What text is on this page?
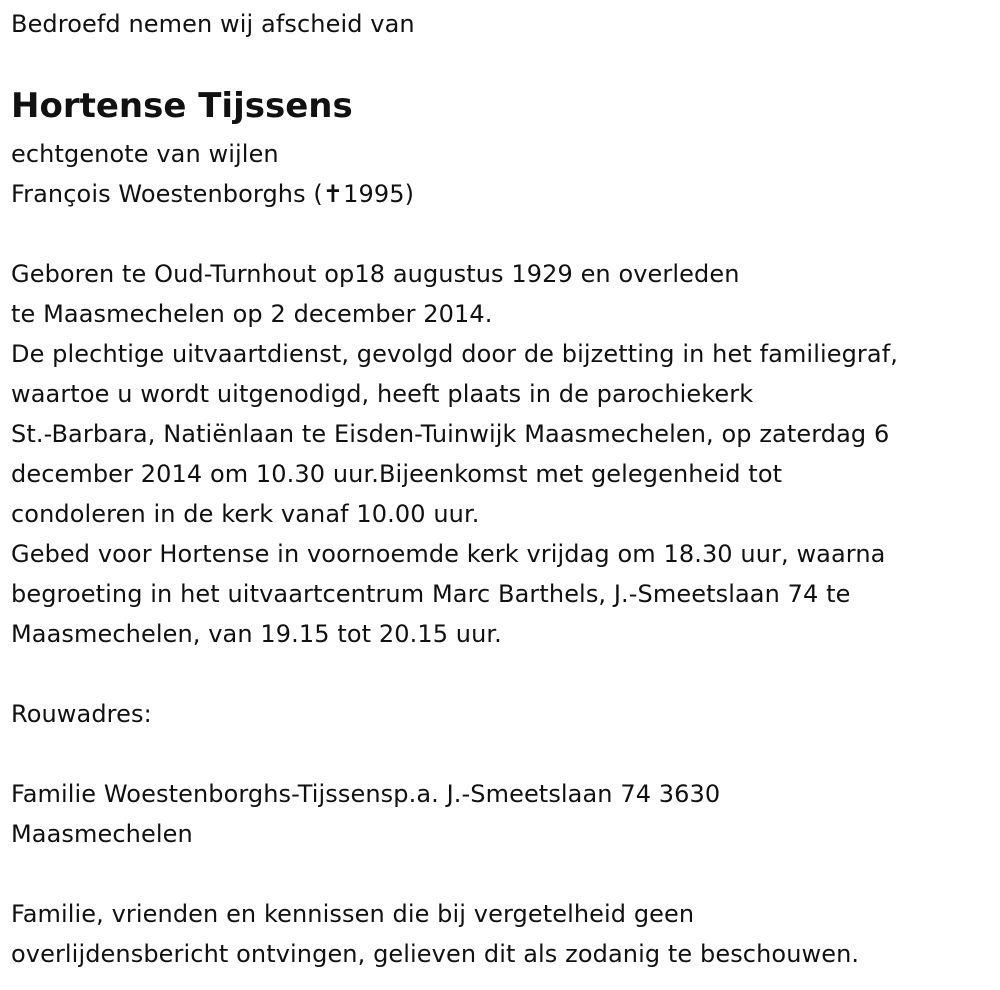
Bedroefd nemen wij afscheid van

Hortense Tijssens

echtgenote van wijlen

François Woestenborghs (✝1995)

Geboren te Oud-Turnhout op18 augustus 1929 en overleden

te Maasmechelen op 2 december 2014.

De plechtige uitvaartdienst, gevolgd door de bijzetting in het familiegraf,

waartoe u wordt uitgenodigd, heeft plaats in de parochiekerk

St.-Barbara, Natiënlaan te Eisden-Tuinwijk Maasmechelen, op zaterdag 6

december 2014 om 10.30 uur.Bijeenkomst met gelegenheid tot

condoleren in de kerk vanaf 10.00 uur.

Gebed voor Hortense in voornoemde kerk vrijdag om 18.30 uur, waarna

begroeting in het uitvaartcentrum Marc Barthels, J.-Smeetslaan 74 te

Maasmechelen, van 19.15 tot 20.15 uur.

Rouwadres:

Familie Woestenborghs-Tijssensp.a. J.-Smeetslaan 74 3630

Maasmechelen

Familie, vrienden en kennissen die bij vergetelheid geen

overlijdensbericht ontvingen, gelieven dit als zodanig te beschouwen.
